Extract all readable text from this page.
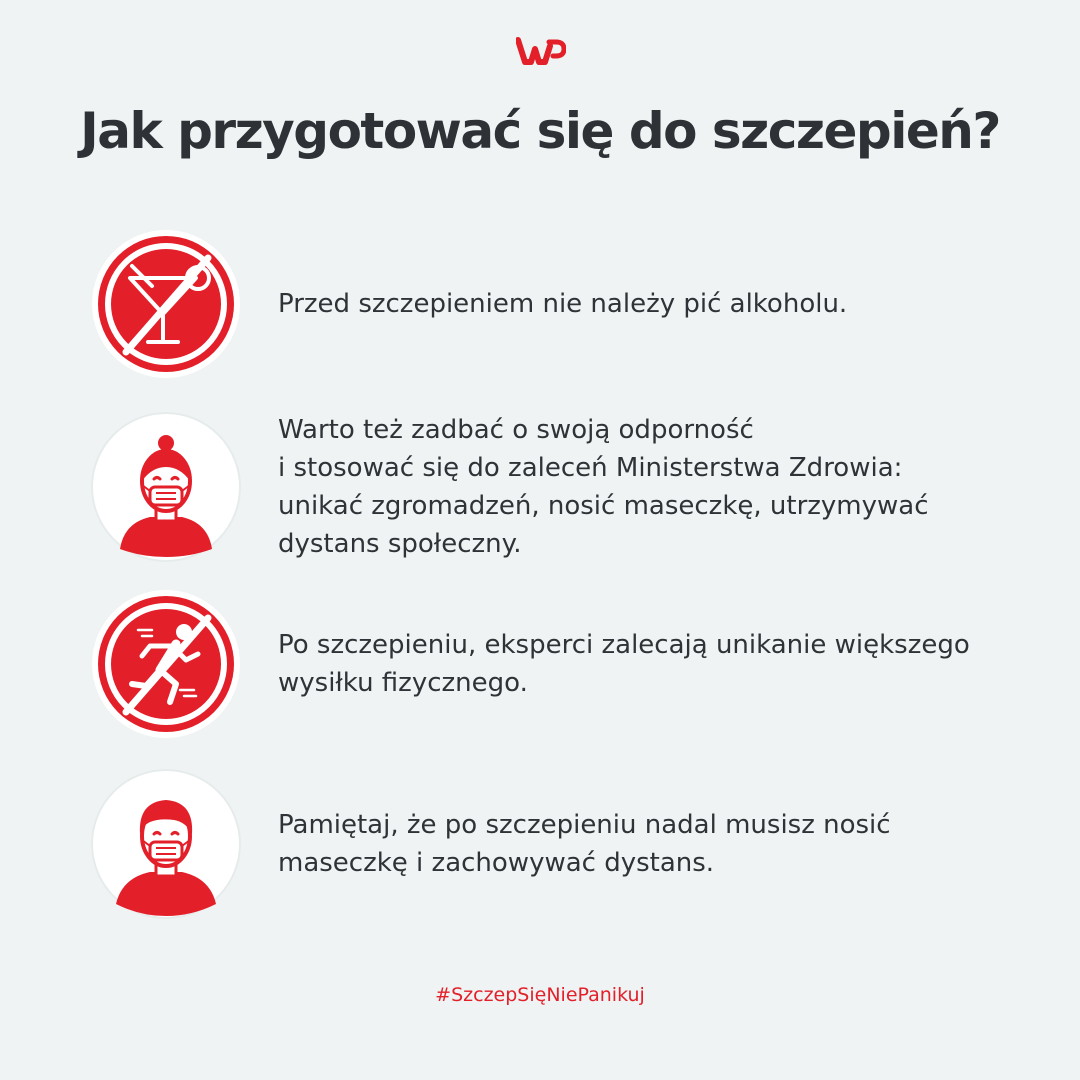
Jak przygotować się do szczepień?
Przed szczepieniem nie należy pić alkoholu.
Warto też zadbać o swoją odporność
i stosować się do zaleceń Ministerstwa Zdrowia:
unikać zgromadzeń, nosić maseczkę, utrzymywać
dystans społeczny.
Po szczepieniu, eksperci zalecają unikanie większego
wysiłku fizycznego.
Pamiętaj, że po szczepieniu nadal musisz nosić
maseczkę i zachowywać dystans.
#SzczepSięNiePanikuj
